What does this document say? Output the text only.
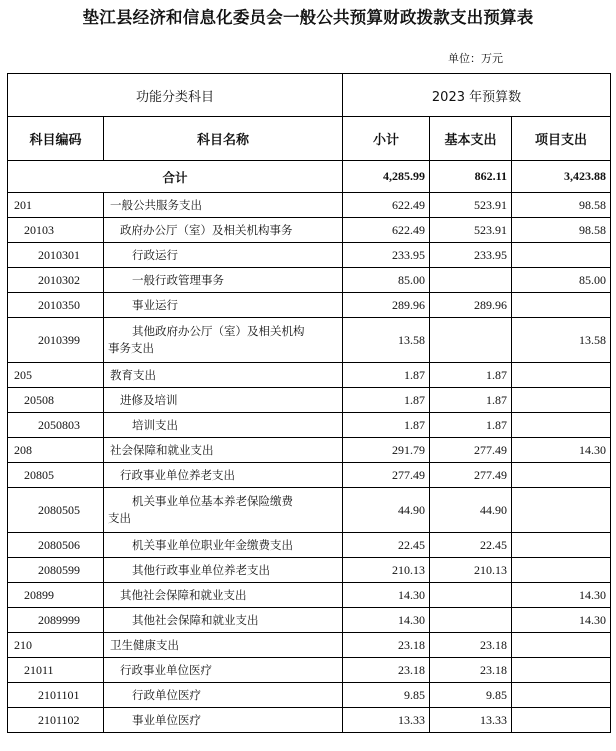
垫江县经济和信息化委员会一般公共预算财政拨款支出预算表
单位：万元
功能分类科目		2023 年预算数		
科目编码	科目名称	小计	基本支出	项目支出
合计		4,285.99	862.11	3,423.88
201	一般公共服务支出	622.49	523.91	98.58
20103	政府办公厅（室）及相关机构事务	622.49	523.91	98.58
2010301	行政运行	233.95	233.95	
2010302	一般行政管理事务	85.00		85.00
2010350	事业运行	289.96	289.96	
2010399	其他政府办公厅（室）及相关机构
事务支出	13.58		13.58
205	教育支出	1.87	1.87	
20508	进修及培训	1.87	1.87	
2050803	培训支出	1.87	1.87	
208	社会保障和就业支出	291.79	277.49	14.30
20805	行政事业单位养老支出	277.49	277.49	
2080505	机关事业单位基本养老保险缴费
支出	44.90	44.90	
2080506	机关事业单位职业年金缴费支出	22.45	22.45	
2080599	其他行政事业单位养老支出	210.13	210.13	
20899	其他社会保障和就业支出	14.30		14.30
2089999	其他社会保障和就业支出	14.30		14.30
210	卫生健康支出	23.18	23.18	
21011	行政事业单位医疗	23.18	23.18	
2101101	行政单位医疗	9.85	9.85	
2101102	事业单位医疗	13.33	13.33	
